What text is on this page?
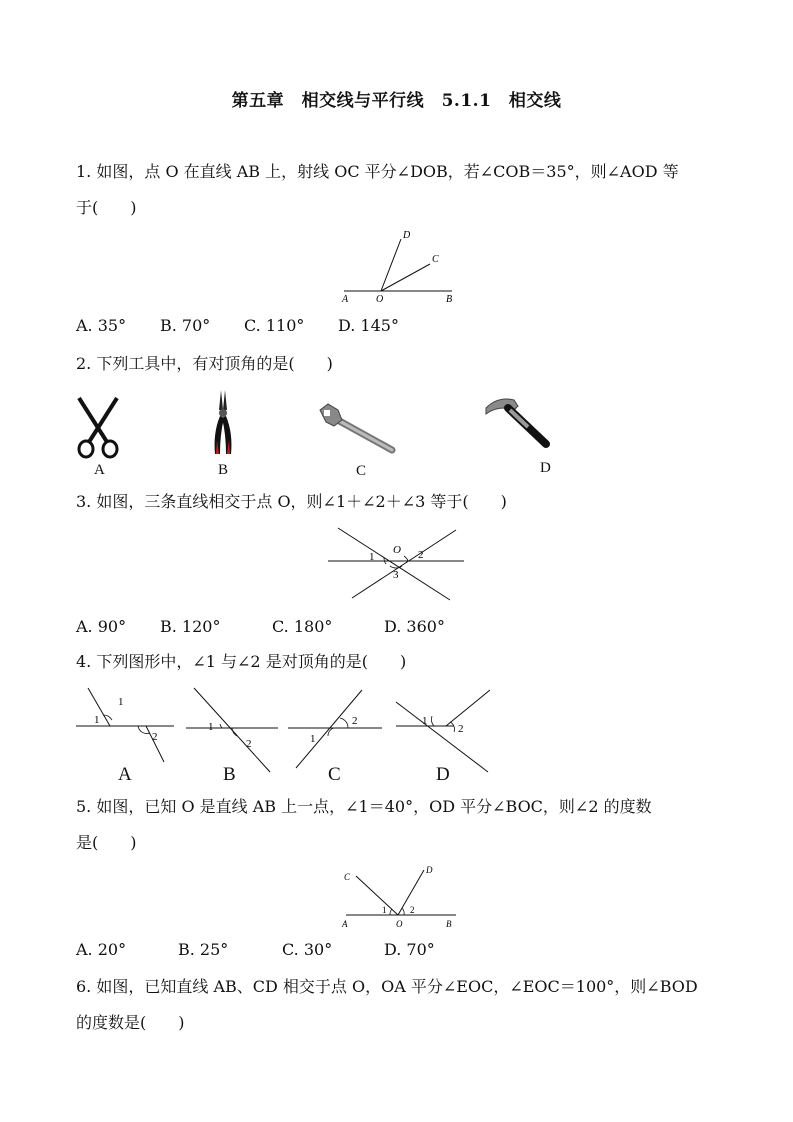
第五章　相交线与平行线　5.1.1　相交线
1. 如图，点 O 在直线 AB 上，射线 OC 平分∠DOB，若∠COB＝35°，则∠AOD 等
于(　　)
A	O	B
C
D
A. 35° B. 70° C. 110° D. 145°
2. 下列工具中，有对顶角的是(　　)
A	B	C	D
3. 如图，三条直线相交于点 O，则∠1＋∠2＋∠3 等于(　　)
O
1	2
3
A. 90° B. 120°	C. 180°	D. 360°
4. 下列图形中，∠1 与∠2 是对顶角的是(　　)
1
1
2
A
1
2
B
1
2
C
1
2
D
5. 如图，已知 O 是直线 AB 上一点，∠1＝40°，OD 平分∠BOC，则∠2 的度数
是(　　)
A	O	B
C
D
1	2
A. 20°	B. 25°	C. 30°	D. 70°
6. 如图，已知直线 AB、CD 相交于点 O，OA 平分∠EOC，∠EOC＝100°，则∠BOD
的度数是(　　)
